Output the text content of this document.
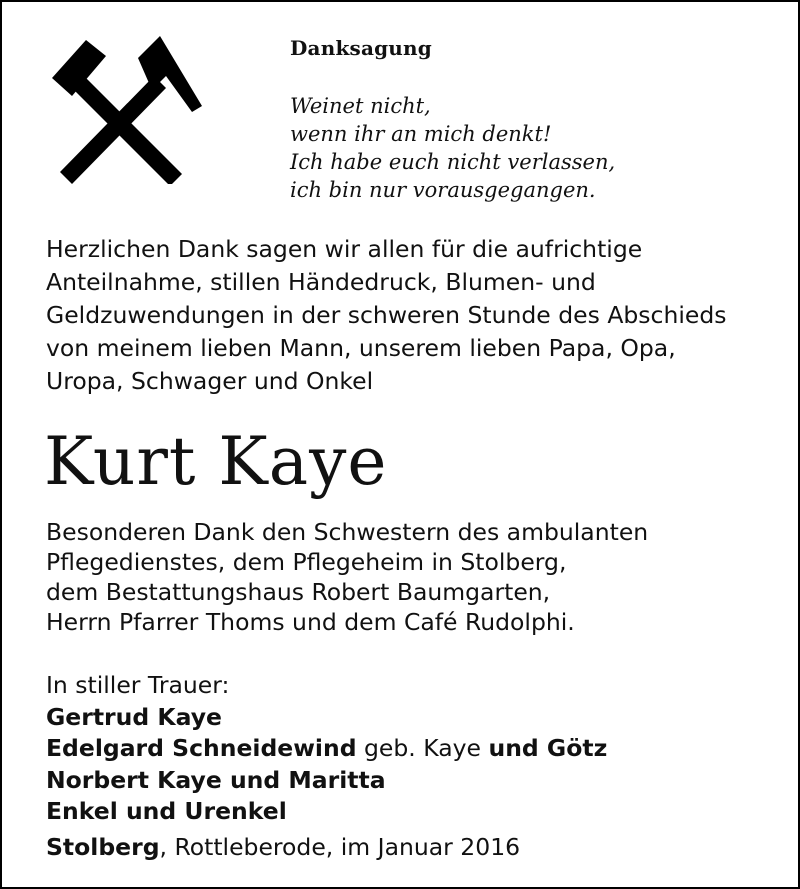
Danksagung
Weinet nicht,
wenn ihr an mich denkt!
Ich habe euch nicht verlassen,
ich bin nur vorausgegangen.
Herzlichen Dank sagen wir allen für die aufrichtige
Anteilnahme, stillen Händedruck, Blumen- und
Geldzuwendungen in der schweren Stunde des Abschieds
von meinem lieben Mann, unserem lieben Papa, Opa,
Uropa, Schwager und Onkel
Kurt Kaye
Besonderen Dank den Schwestern des ambulanten
Pflegedienstes, dem Pflegeheim in Stolberg,
dem Bestattungshaus Robert Baumgarten,
Herrn Pfarrer Thoms und dem Café Rudolphi.
In stiller Trauer:
Gertrud Kaye
Edelgard Schneidewind geb. Kaye und Götz
Norbert Kaye und Maritta
Enkel und Urenkel
Stolberg, Rottleberode, im Januar 2016
